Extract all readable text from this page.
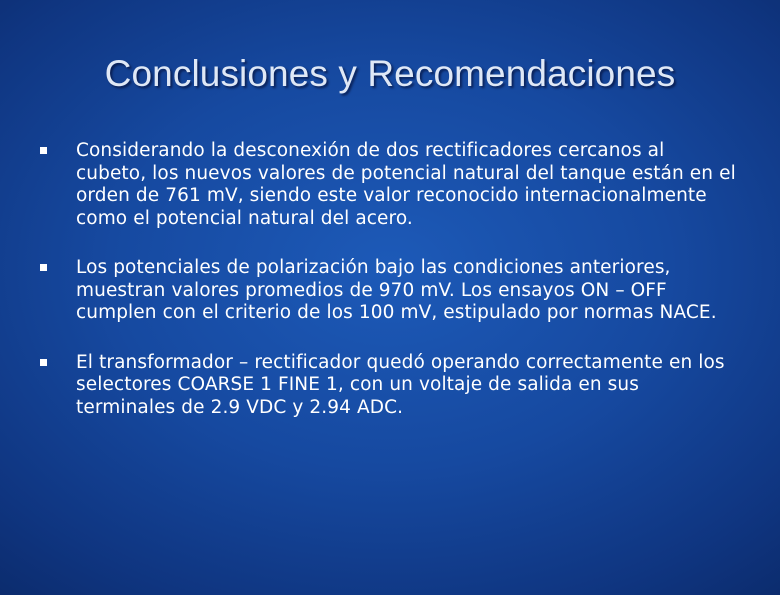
Conclusiones y Recomendaciones
Considerando la desconexión de dos rectificadores cercanos al cubeto, los nuevos valores de potencial natural del tanque están en el orden de 761 mV, siendo este valor reconocido internacionalmente como el potencial natural del acero.
Los potenciales de polarización bajo las condiciones anteriores, muestran valores promedios de 970 mV. Los ensayos ON – OFF cumplen con el criterio de los 100 mV, estipulado por normas NACE.
El transformador – rectificador quedó operando correctamente en los selectores COARSE 1 FINE 1, con un voltaje de salida en sus terminales de 2.9 VDC y 2.94 ADC.
